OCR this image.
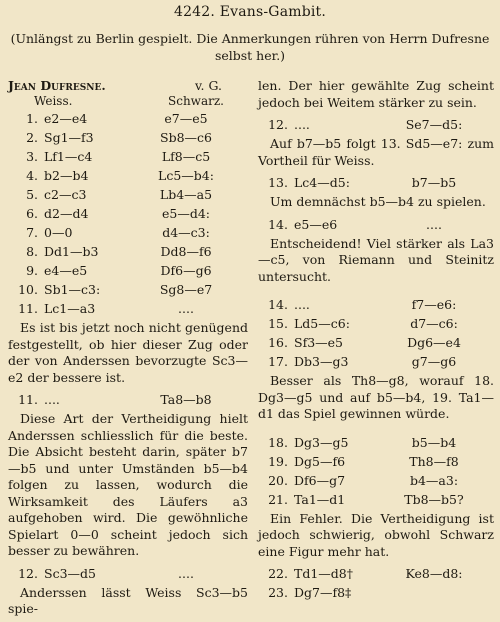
4242. Evans-Gambit.
(Unlängst zu Berlin gespielt. Die Anmerkungen rühren von Herrn Dufresne selbst her.)
Jean Dufresne.	v. G.
Weiss.	Schwarz.
1. e2—e4	e7—e5
2. Sg1—f3	Sb8—c6
3. Lf1—c4	Lf8—c5
4. b2—b4	Lc5—b4:
5. c2—c3	Lb4—a5
6. d2—d4	e5—d4:
7. 0—0	d4—c3:
8. Dd1—b3	Dd8—f6
9. e4—e5	Df6—g6
10. Sb1—c3:	Sg8—e7
11. Lc1—a3	....
Es ist bis jetzt noch nicht genügend festgestellt, ob hier dieser Zug oder der von Anderssen bevorzugte Sc3—e2 der bessere ist.
11. ....	Ta8—b8
Diese Art der Vertheidigung hielt Anderssen schliesslich für die beste. Die Absicht besteht darin, später b7—b5 und unter Umständen b5—b4 folgen zu lassen, wodurch die Wirksamkeit des Läufers a3 aufgehoben wird. Die gewöhnliche Spielart 0—0 scheint jedoch sich besser zu bewähren.
12. Sc3—d5	....
Anderssen lässt Weiss Sc3—b5 spie-
len. Der hier gewählte Zug scheint jedoch bei Weitem stärker zu sein.
12. ....	Se7—d5:
Auf b7—b5 folgt 13. Sd5—e7: zum Vortheil für Weiss.
13. Lc4—d5:	b7—b5
Um demnächst b5—b4 zu spielen.
14. e5—e6	....
Entscheidend! Viel stärker als La3—c5, von Riemann und Steinitz untersucht.
14. ....	f7—e6:
15. Ld5—c6:	d7—c6:
16. Sf3—e5	Dg6—e4
17. Db3—g3	g7—g6
Besser als Th8—g8, worauf 18. Dg3—g5 und auf b5—b4, 19. Ta1—d1 das Spiel gewinnen würde.
18. Dg3—g5	b5—b4
19. Dg5—f6	Th8—f8
20. Df6—g7	b4—a3:
21. Ta1—d1	Tb8—b5?
Ein Fehler. Die Vertheidigung ist jedoch schwierig, obwohl Schwarz eine Figur mehr hat.
22. Td1—d8†	Ke8—d8:
23. Dg7—f8‡
